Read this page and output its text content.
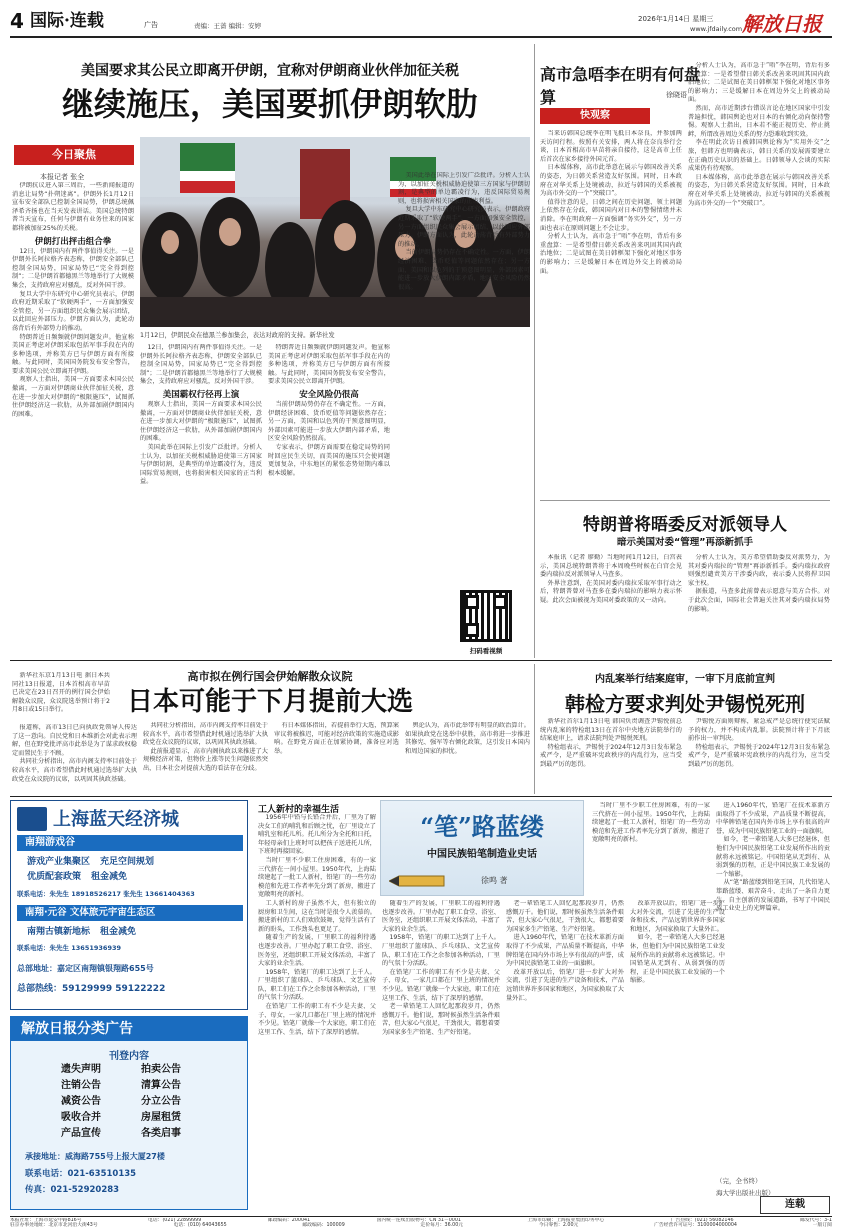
4 国际·连载	广告	责编：王蔷 编辑：安婷
2026年1月14日 星期三
www.jfdaily.com 解放日报
美国要求其公民立即离开伊朗，宜称对伊朗商业伙伴加征关税
继续施压，美国要抓伊朗软肋
今日聚焦
本报记者 张全
1月12日，伊朗民众在德黑兰参加集会，表达对政府的支持。新华社发

伊朗抗议进入第三周后，一些新闻报道的消息让局势“扑朔迷离”。伊朗外长1月12日宣布安全部队已控制全国局势，伊朗总统佩泽希齐扬也在当天发表讲话。美国总统特朗普当天宣布，任何与伊朗有业务往来的国家都将被加征25%的关税。

伊朗打出抨击组合拳

12日，伊朗国内有两件事值得关注。一是伊朗外长阿拉格齐表态称，伊朗安全部队已控制全国局势，国家局势已“完全得到控制”；二是伊朗首都德黑兰等地举行了大规模集会，支持政府应对骚乱，反对外国干涉。

复旦大学中东研究中心研究员表示，伊朗政府近期采取了“软硬两手”，一方面加强安全管控，另一方面组织民众集会展示团结，以此回应外部压力。伊朗方面认为，此轮动荡背后有外部势力的推动。

特朗普近日频频就伊朗问题发声。他宣称美国正考虑对伊朗采取包括军事手段在内的多种选项，并称美方已与伊朗方面有所接触。与此同时，美国国务院发布安全警告，要求美国公民立即离开伊朗。

观察人士指出，美国一方面要求本国公民撤离，一方面对伊朗商业伙伴加征关税，意在进一步加大对伊朗的“极限施压”，试图抓住伊朗经济这一软肋，从外部加剧伊朗国内的困难。

12日，伊朗国内有两件事值得关注。一是伊朗外长阿拉格齐表态称，伊朗安全部队已控制全国局势，国家局势已“完全得到控制”；二是伊朗首都德黑兰等地举行了大规模集会，支持政府应对骚乱，反对外国干涉。

美国霸权行径再上演

观察人士指出，美国一方面要求本国公民撤离，一方面对伊朗商业伙伴加征关税，意在进一步加大对伊朗的“极限施压”，试图抓住伊朗经济这一软肋，从外部加剧伊朗国内的困难。

美国此举在国际上引发广泛批评。分析人士认为，以加征关税相威胁迫使第三方国家与伊朗切割，是典型的单边霸凌行为，违反国际贸易规则，也将损害相关国家的正当利益。

特朗普近日频频就伊朗问题发声。他宣称美国正考虑对伊朗采取包括军事手段在内的多种选项，并称美方已与伊朗方面有所接触。与此同时，美国国务院发布安全警告，要求美国公民立即离开伊朗。

安全风险仍很高

当前伊朗局势仍存在不确定性。一方面，伊朗经济困难、货币贬值等问题依然存在；另一方面，美国和以色列的干预意图明显，外部因素可能进一步放大伊朗内部矛盾，地区安全风险仍然很高。

专家表示，伊朗方面需要在稳定局势的同时回应民生关切，而美国的施压只会使问题更加复杂，中东地区的紧张态势短期内难以根本缓解。

美国此举在国际上引发广泛批评。分析人士认为，以加征关税相威胁迫使第三方国家与伊朗切割，是典型的单边霸凌行为，违反国际贸易规则，也将损害相关国家的正当利益。

复旦大学中东研究中心研究员表示，伊朗政府近期采取了“软硬两手”，一方面加强安全管控，另一方面组织民众集会展示团结，以此回应外部压力。伊朗方面认为，此轮动荡背后有外部势力的推动。

当前伊朗局势仍存在不确定性。一方面，伊朗经济困难、货币贬值等问题依然存在；另一方面，美国和以色列的干预意图明显，外部因素可能进一步放大伊朗内部矛盾，地区安全风险仍然很高。

扫码看视频
高市急唔李在明有何盘算	徐晓语
快观察

当来访韩国总统李在明飞抵日本奈良，并参加两天访问行程。按照有关安排，两人将在奈良举行会谈，日本首相高市早苗将亲自接待，这是高市上任后首次在家乡接待外国元首。

日本媒体称，高市此举意在展示与韩国改善关系的姿态，为日韩关系营造友好氛围。同时，日本政府在对华关系上处境被动，拉近与韩国的关系被视为高市外交的一个“突破口”。

值得注意的是，日韩之间在历史问题、领土问题上依然存在分歧，韩国国内对日本的警惕情绪并未消除。李在明政府一方面强调“务实外交”，另一方面也表示在原则问题上不会让步。

分析人士认为，高市急于“唔”李在明，背后有多重盘算：一是希望借日韩关系改善来巩固其国内政治地位；二是试图在美日韩框架下强化对地区事务的影响力；三是缓解日本在周边外交上的被动局面。

分析人士认为，高市急于“唔”李在明，背后有多重盘算：一是希望借日韩关系改善来巩固其国内政治地位；二是试图在美日韩框架下强化对地区事务的影响力；三是缓解日本在周边外交上的被动局面。

然而，高市近期涉台错误言论在地区国家中引发普遍担忧，韩国舆论也对日本的右倾化动向保持警惕。观察人士指出，日本若不能正视历史、停止挑衅，所谓改善周边关系的努力恐难收到实效。

李在明此次访日被韩国舆论称为“实用外交”之旅，但韩方也明确表示，韩日关系的发展需要建立在正确历史认识的基础上。日韩领导人会谈的实际成果仍有待观察。

日本媒体称，高市此举意在展示与韩国改善关系的姿态，为日韩关系营造友好氛围。同时，日本政府在对华关系上处境被动，拉近与韩国的关系被视为高市外交的一个“突破口”。

特朗普将晤委反对派领导人
暗示美国对委“管理”再添新抓手

本报讯（记者 廖勤）当地时间1月12日，白宫表示，美国总统特朗普将于本周晚些时候在白宫会见委内瑞拉反对派领导人马查多。

外界注意到，在美国对委内瑞拉采取军事行动之后，特朗普曾对马查多在委内瑞拉的影响力表示怀疑。此次会面被视为美国对委政策的又一动向。

分析人士认为，美方希望借助委反对派势力，为其对委内瑞拉的“管理”再添新抓手。委内瑞拉政府则强烈谴责美方干涉委内政，表示委人民将捍卫国家主权。

据报道，马查多此前曾表示愿意与美方合作。对于此次会面，国际社会普遍关注其对委内瑞拉局势的影响。

高市拟在例行国会伊始解散众议院
日本可能于下月提前大选

新华社东京1月13日电 据日本共同社13日报道，日本首相高市早苗已决定在23日召开的例行国会伊始解散众议院，众议院选举预计将于2月8日或15日举行。

报道称，高市13日已向执政党领导人传达了这一意向。自民党和日本维新会对此表示理解，但在野党批评高市此举是为了谋求政权稳定而置民生于不顾。

共同社分析指出，高市内阁支持率目前处于较高水平，高市希望借此时机通过选举扩大执政党在众议院的议席，以巩固其执政基础。

共同社分析指出，高市内阁支持率目前处于较高水平，高市希望借此时机通过选举扩大执政党在众议院的议席，以巩固其执政基础。

此前报道显示，高市内阁执政以来推进了大规模经济对策，但物价上涨等民生问题依然突出，日本社会对提前大选的看法存在分歧。

有日本媒体指出，若提前举行大选，预算案审议将被推迟，可能对经济政策的实施造成影响。在野党方面正在加紧协调，准备应对选举。

舆论认为，高市此举带有明显的政治算计。如果执政党在选举中获胜，高市将进一步推进其修宪、强军等右倾化政策，这引发日本国内和周边国家的担忧。

内乱案举行结案庭审，一审下月底前宣判
韩检方要求判处尹锡悦死刑

新华社首尔1月13日电 韩国负责调查尹锡悦前总统内乱案的特检组13日在首尔中央地方法院举行的结案庭审上，请求法院判处尹锡悦死刑。

特检组表示，尹锡悦于2024年12月3日发布紧急戒严令，是严重破坏宪政秩序的内乱行为，应当受到最严厉的惩罚。

尹锡悦方面则辩称，紧急戒严是总统行使宪法赋予的权力，并不构成内乱罪。法院预计将于下月底前作出一审判决。

特检组表示，尹锡悦于2024年12月3日发布紧急戒严令，是严重破坏宪政秩序的内乱行为，应当受到最严厉的惩罚。

上海蓝天经济城
南翔游戏谷
游戏产业集聚区 充足空间规划
优质配套政策 租金减免
联系电话：朱先生 18918526217 张先生 13661404363
南翔·元谷 文体旅元宇宙生态区
南翔古镇新地标 租金减免
联系电话：朱先生 13651936939
总部地址：嘉定区南翔镇银翔路655号
总部热线：59129999 59122222
解放日报分类广告
刊登内容
遗失声明	拍卖公告
注销公告	清算公告
减资公告	分立公告
吸收合并	房屋租赁
产品宣传	各类启事
承接地址：威海路755号上报大厦27楼
联系电话：021-63510135
传真：021-52920283
工人新村的幸福生活
“笔”路蓝缕
中国民族铅笔制造业史话
徐鸣 著

1956年中铅与长铅合并后，厂里为了解决女工们的哺乳和后顾之忧，在厂里设立了哺乳室和托儿所。托儿所分为全托和日托，年轻母亲们上班时可以把孩子送进托儿所，下班时再接回家。

当时厂里不少职工住房困难，有的一家三代挤在一间小屋里。1950年代，上海陆续建起了一批工人新村，铅笔厂的一些劳动模范和先进工作者率先分到了新房，搬进了宽敞明亮的新村。

工人新村的房子虽然不大，但有独立的厨房和卫生间，这在当时是很令人羡慕的。搬进新村的工人们欢欣鼓舞，觉得生活有了新的盼头，工作劲头也更足了。

随着生产的发展，厂里职工的福利待遇也逐步改善。厂里办起了职工食堂、浴室、医务室，还组织职工开展文体活动，丰富了大家的业余生活。

1958年，铅笔厂的职工达到了上千人。厂里组织了篮球队、乒乓球队、文艺宣传队，职工们在工作之余参加各种活动，厂里的气氛十分活跃。

在铅笔厂工作的职工有不少是夫妻、父子、母女，一家几口都在厂里上班的情况并不少见。铅笔厂就像一个大家庭，职工们在这里工作、生活，结下了深厚的感情。

随着生产的发展，厂里职工的福利待遇也逐步改善。厂里办起了职工食堂、浴室、医务室，还组织职工开展文体活动，丰富了大家的业余生活。

1958年，铅笔厂的职工达到了上千人。厂里组织了篮球队、乒乓球队、文艺宣传队，职工们在工作之余参加各种活动，厂里的气氛十分活跃。

在铅笔厂工作的职工有不少是夫妻、父子、母女，一家几口都在厂里上班的情况并不少见。铅笔厂就像一个大家庭，职工们在这里工作、生活，结下了深厚的感情。

老一辈铅笔工人回忆起那段岁月，仍然感慨万千。他们说，那时候虽然生活条件艰苦，但大家心气很足，干劲很大，都想着要为国家多生产铅笔、生产好铅笔。

老一辈铅笔工人回忆起那段岁月，仍然感慨万千。他们说，那时候虽然生活条件艰苦，但大家心气很足，干劲很大，都想着要为国家多生产铅笔、生产好铅笔。

进入1960年代，铅笔厂在技术革新方面取得了不少成果，产品质量不断提高，中华牌铅笔在国内外市场上享有很高的声誉，成为中国民族铅笔工业的一面旗帜。

改革开放以后，铅笔厂进一步扩大对外交流，引进了先进的生产设备和技术，产品远销世界许多国家和地区，为国家换取了大量外汇。

当时厂里不少职工住房困难，有的一家三代挤在一间小屋里。1950年代，上海陆续建起了一批工人新村，铅笔厂的一些劳动模范和先进工作者率先分到了新房，搬进了宽敞明亮的新村。

改革开放以后，铅笔厂进一步扩大对外交流，引进了先进的生产设备和技术，产品远销世界许多国家和地区，为国家换取了大量外汇。

如今，老一辈铅笔人大多已经退休，但他们为中国民族铅笔工业发展所作出的贡献将永远被铭记。中国铅笔从无到有、从弱到强的历程，正是中国民族工业发展的一个缩影。

进入1960年代，铅笔厂在技术革新方面取得了不少成果，产品质量不断提高，中华牌铅笔在国内外市场上享有很高的声誉，成为中国民族铅笔工业的一面旗帜。

如今，老一辈铅笔人大多已经退休，但他们为中国民族铅笔工业发展所作出的贡献将永远被铭记。中国铅笔从无到有、从弱到强的历程，正是中国民族工业发展的一个缩影。

从“笔”路蓝缕到铅笔王国，几代铅笔人筚路蓝缕、艰苦奋斗，走出了一条自力更生、自主创新的发展道路，书写了中国民族工业史上的光辉篇章。

（完，全书终）
海大学出版社出版）
连载
本报社址：上海市延安中路816号	电话：(021) 22899999	邮政编码：200041	国内统一连续出版物号：CN 31－0001	上海市印刷：上海报业集团印务中心	广告热线：(021) 56082146	邮发代号：3-1
驻京办事处地址：北京市北河沿大街43号	电话：(010) 64043655	邮政编码：100009	定价每月：36.00元	今日零售：2.00元	广告经营许可证号：3100004000004	一版订阅
